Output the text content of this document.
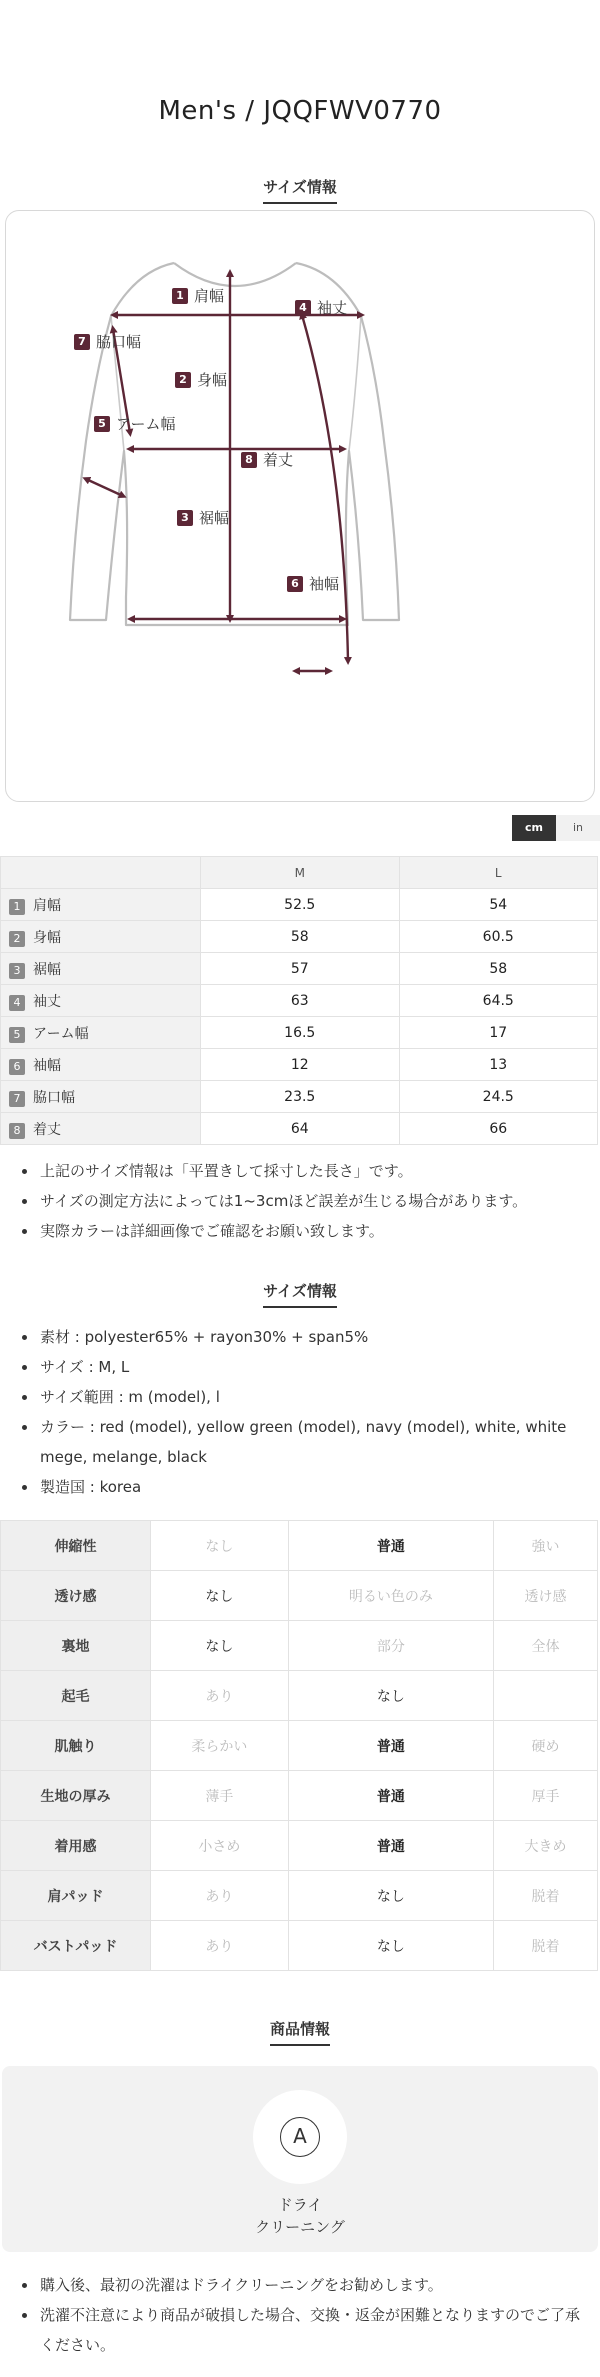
Men's / JQQFWV0770
サイズ情報
1 肩幅
2 身幅
3 裾幅
4 袖丈
5 アーム幅
6 袖幅
7 脇口幅
8 着丈
cm	in
	M	L
1 肩幅	52.5	54
2 身幅	58	60.5
3 裾幅	57	58
4 袖丈	63	64.5
5 アーム幅	16.5	17
6 袖幅	12	13
7 脇口幅	23.5	24.5
8 着丈	64	66
上記のサイズ情報は「平置きして採寸した長さ」です。
サイズの測定方法によっては1~3cmほど誤差が生じる場合があります。
実際カラーは詳細画像でご確認をお願い致します。
サイズ情報
素材 : polyester65% + rayon30% + span5%
サイズ : M, L
サイズ範囲 : m (model), l
カラー : red (model), yellow green (model), navy (model), white, white mege, melange, black
製造国 : korea
伸縮性	なし	普通	強い
透け感	なし	明るい色のみ	透け感
裏地	なし	部分	全体
起毛	あり	なし	
肌触り	柔らかい	普通	硬め
生地の厚み	薄手	普通	厚手
着用感	小さめ	普通	大きめ
肩パッド	あり	なし	脱着
バストパッド	あり	なし	脱着
商品情報
A
ドライ
クリーニング
購入後、最初の洗濯はドライクリーニングをお勧めします。
洗濯不注意により商品が破損した場合、交換・返金が困難となりますのでご了承ください。
